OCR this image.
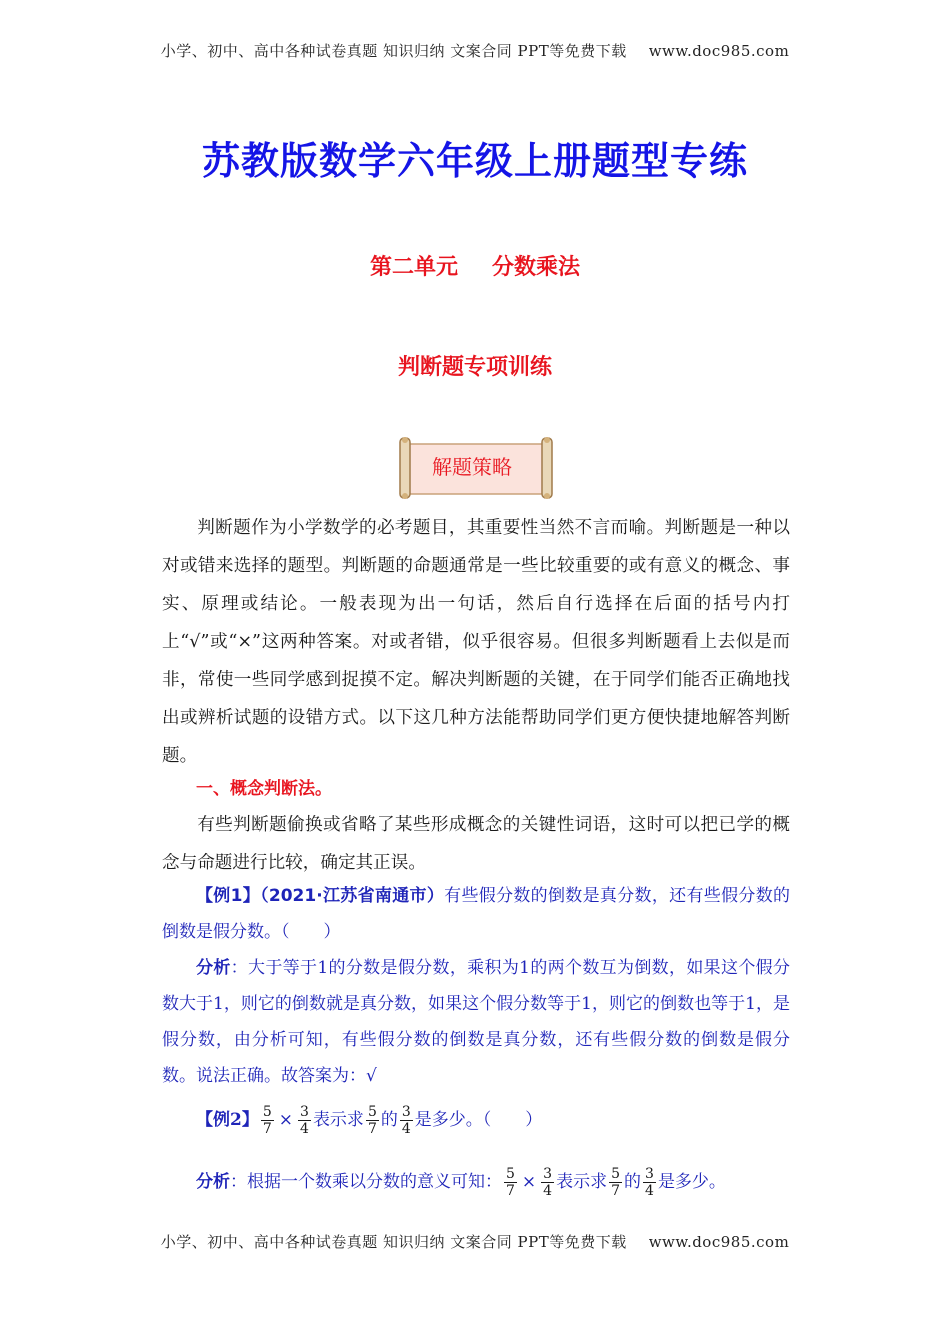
小学、初中、高中各种试卷真题 知识归纳 文案合同 PPT等免费下载 www.doc985.com
苏教版数学六年级上册题型专练
第二单元 分数乘法
判断题专项训练
解题策略

判断题作为小学数学的必考题目，其重要性当然不言而喻。判断题是一种以对或错来选择的题型。判断题的命题通常是一些比较重要的或有意义的概念、事实、原理或结论。一般表现为出一句话，然后自行选择在后面的括号内打上“√”或“×”这两种答案。对或者错，似乎很容易。但很多判断题看上去似是而非，常使一些同学感到捉摸不定。解决判断题的关键，在于同学们能否正确地找出或辨析试题的设错方式。以下这几种方法能帮助同学们更方便快捷地解答判断题。

一、概念判断法。

有些判断题偷换或省略了某些形成概念的关键性词语，这时可以把已学的概念与命题进行比较，确定其正误。

【例1】（2021·江苏省南通市）有些假分数的倒数是真分数，还有些假分数的倒数是假分数。（　　）

分析：大于等于1的分数是假分数，乘积为1的两个数互为倒数，如果这个假分数大于1，则它的倒数就是真分数，如果这个假分数等于1，则它的倒数也等于1，是假分数，由分析可知，有些假分数的倒数是真分数，还有些假分数的倒数是假分数。说法正确。故答案为：√

【例2】 $\frac{5}{7} \times \frac{3}{4}$ 表示求 $\frac{5}{7}$ 的 $\frac{3}{4}$ 是多少。（　　）

分析：根据一个数乘以分数的意义可知： $\frac{5}{7} \times \frac{3}{4}$ 表示求 $\frac{5}{7}$ 的 $\frac{3}{4}$ 是多少。

小学、初中、高中各种试卷真题 知识归纳 文案合同 PPT等免费下载 www.doc985.com
